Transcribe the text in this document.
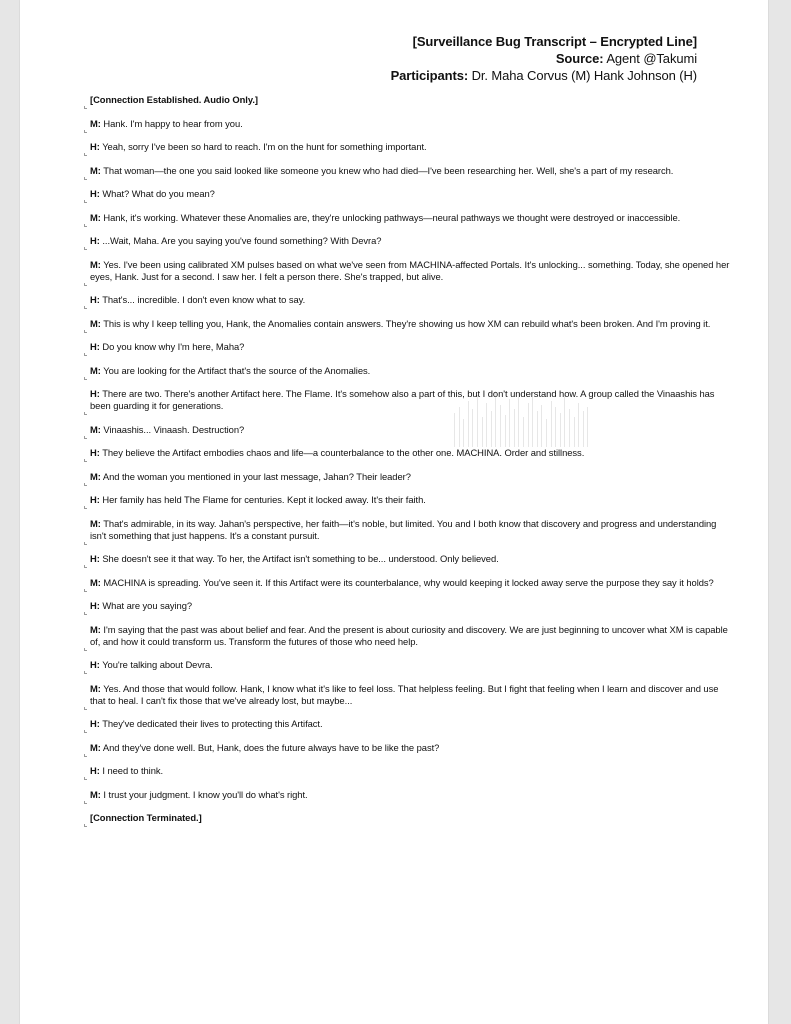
[Surveillance Bug Transcript – Encrypted Line]
Source: Agent @Takumi
Participants: Dr. Maha Corvus (M) Hank Johnson (H)

[Connection Established. Audio Only.]

M: Hank. I'm happy to hear from you.

H: Yeah, sorry I've been so hard to reach. I'm on the hunt for something important.

M: That woman—the one you said looked like someone you knew who had died—I've been researching her. Well, she's a part of my research.

H: What? What do you mean?

M: Hank, it's working. Whatever these Anomalies are, they're unlocking pathways—neural pathways we thought were destroyed or inaccessible.

H: ...Wait, Maha. Are you saying you've found something? With Devra?

M: Yes. I've been using calibrated XM pulses based on what we've seen from MACHINA-affected Portals. It's unlocking... something. Today, she opened her eyes, Hank. Just for a second. I saw her. I felt a person there. She's trapped, but alive.

H: That's... incredible. I don't even know what to say.

M: This is why I keep telling you, Hank, the Anomalies contain answers. They're showing us how XM can rebuild what's been broken. And I'm proving it.

H: Do you know why I'm here, Maha?

M: You are looking for the Artifact that's the source of the Anomalies.

H: There are two. There's another Artifact here. The Flame. It's somehow also a part of this, but I don't understand how. A group called the Vinaashis has been guarding it for generations.

M: Vinaashis... Vinaash. Destruction?

H: They believe the Artifact embodies chaos and life—a counterbalance to the other one. MACHINA. Order and stillness.

M: And the woman you mentioned in your last message, Jahan? Their leader?

H: Her family has held The Flame for centuries. Kept it locked away. It's their faith.

M: That's admirable, in its way. Jahan's perspective, her faith—it's noble, but limited. You and I both know that discovery and progress and understanding isn't something that just happens. It's a constant pursuit.

H: She doesn't see it that way. To her, the Artifact isn't something to be... understood. Only believed.

M: MACHINA is spreading. You've seen it. If this Artifact were its counterbalance, why would keeping it locked away serve the purpose they say it holds?

H: What are you saying?

M: I'm saying that the past was about belief and fear. And the present is about curiosity and discovery. We are just beginning to uncover what XM is capable of, and how it could transform us. Transform the futures of those who need help.

H: You're talking about Devra.

M: Yes. And those that would follow. Hank, I know what it's like to feel loss. That helpless feeling. But I fight that feeling when I learn and discover and use that to heal. I can't fix those that we've already lost, but maybe...

H: They've dedicated their lives to protecting this Artifact.

M: And they've done well. But, Hank, does the future always have to be like the past?

H: I need to think.

M: I trust your judgment. I know you'll do what's right.

[Connection Terminated.]
